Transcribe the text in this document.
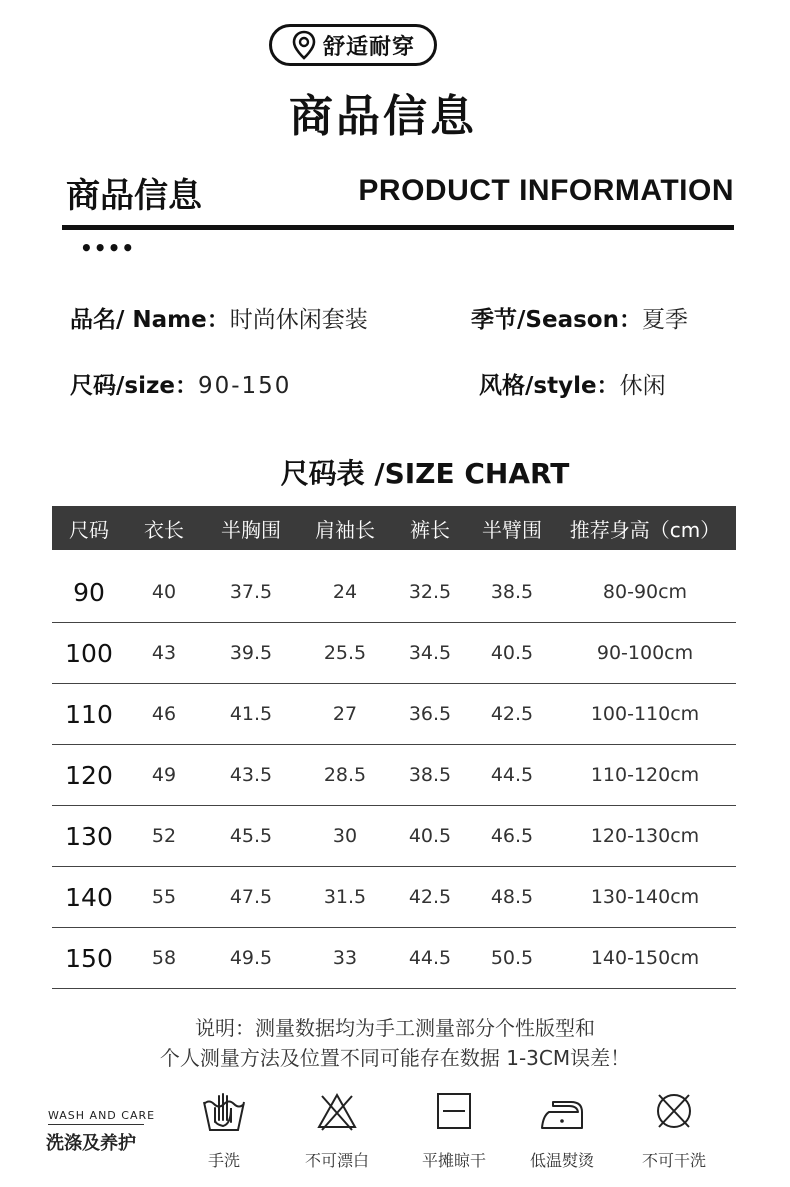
舒适耐穿
商品信息
商品信息	PRODUCT INFORMATION
••••
品名/ Name：时尚休闲套装	季节/Season：夏季
尺码/size：90-150	风格/style：休闲
尺码表 /SIZE CHART
尺码	衣长	半胸围	肩袖长	裤长	半臂围	推荐身高（cm）
90	40	37.5	24	32.5	38.5	80-90cm
100	43	39.5	25.5	34.5	40.5	90-100cm
110	46	41.5	27	36.5	42.5	100-110cm
120	49	43.5	28.5	38.5	44.5	110-120cm
130	52	45.5	30	40.5	46.5	120-130cm
140	55	47.5	31.5	42.5	48.5	130-140cm
150	58	49.5	33	44.5	50.5	140-150cm
说明：测量数据均为手工测量部分个性版型和
个人测量方法及位置不同可能存在数据 1-3CM误差！
WASH AND CARE
洗涤及养护
手洗	不可漂白	平摊晾干	低温熨烫	不可干洗
